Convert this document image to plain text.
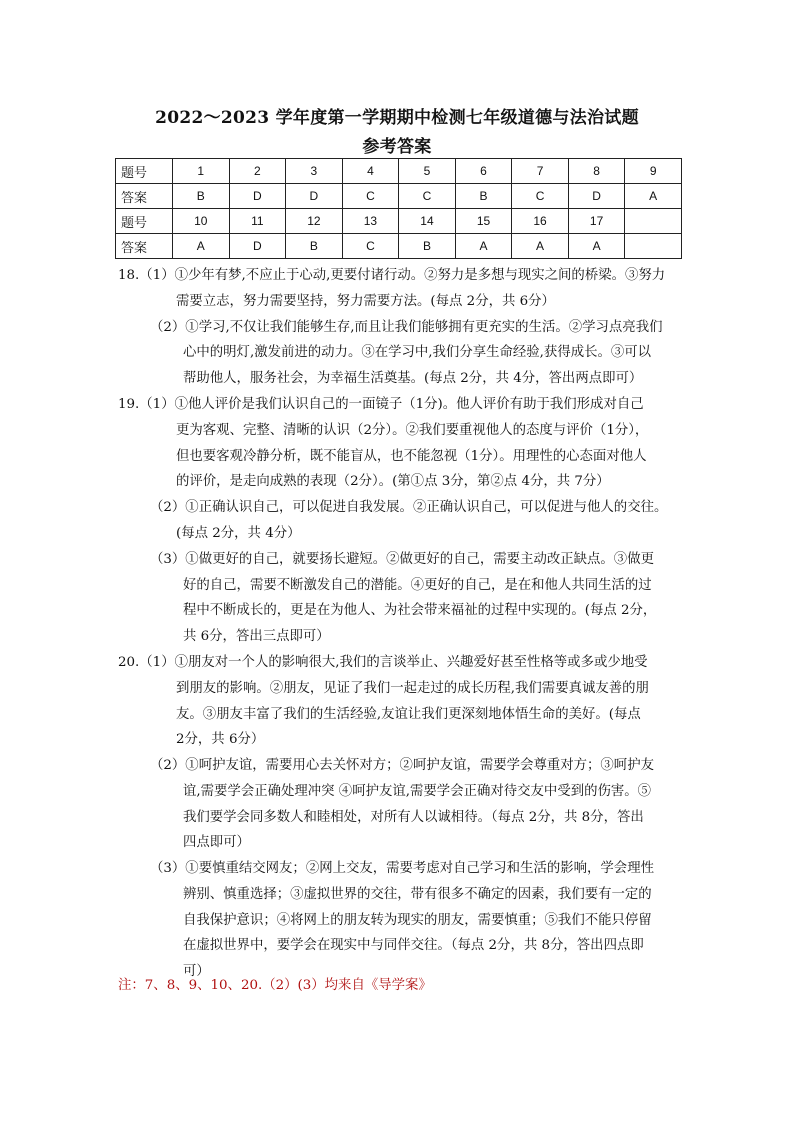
2022～2023 学年度第一学期期中检测七年级道德与法治试题
参考答案
题号	1	2	3	4	5	6	7	8	9
答案	B	D	D	C	C	B	C	D	A
题号	10	11	12	13	14	15	16	17	
答案	A	D	B	C	B	A	A	A	
18.（1）①少年有梦,不应止于心动,更要付诸行动。②努力是多想与现实之间的桥梁。③努力
需要立志，努力需要坚持，努力需要方法。(每点 2分，共 6分）
（2）①学习,不仅让我们能够生存,而且让我们能够拥有更充实的生活。②学习点亮我们
心中的明灯,激发前进的动力。③在学习中,我们分享生命经验,获得成长。③可以
帮助他人，服务社会，为幸福生活奠基。(每点 2分，共 4分，答出两点即可）
19.（1）①他人评价是我们认识自己的一面镜子（1分)。他人评价有助于我们形成对自己
更为客观、完整、清晰的认识（2分）。②我们要重视他人的态度与评价（1分），
但也要客观冷静分析，既不能盲从，也不能忽视（1分）。用理性的心态面对他人
的评价，是走向成熟的表现（2分）。(第①点 3分，第②点 4分，共 7分）
（2）①正确认识自己，可以促进自我发展。②正确认识自己，可以促进与他人的交往。
(每点 2分，共 4分）
（3）①做更好的自己，就要扬长避短。②做更好的自己，需要主动改正缺点。③做更
好的自己，需要不断激发自己的潜能。④更好的自己，是在和他人共同生活的过
程中不断成长的，更是在为他人、为社会带来福祉的过程中实现的。(每点 2分，
共 6分，答出三点即可）
20.（1）①朋友对一个人的影响很大,我们的言谈举止、兴趣爱好甚至性格等或多或少地受
到朋友的影响。②朋友，见证了我们一起走过的成长历程,我们需要真诚友善的朋
友。③朋友丰富了我们的生活经验,友谊让我们更深刻地体悟生命的美好。(每点
2分，共 6分）
（2）①呵护友谊，需要用心去关怀对方；②呵护友谊，需要学会尊重对方；③呵护友
谊,需要学会正确处理冲突 ④呵护友谊,需要学会正确对待交友中受到的伤害。⑤
我们要学会同多数人和睦相处，对所有人以诚相待。（每点 2分，共 8分，答出
四点即可）
（3）①要慎重结交网友；②网上交友，需要考虑对自己学习和生活的影响，学会理性
辨别、慎重选择；③虚拟世界的交往，带有很多不确定的因素，我们要有一定的
自我保护意识；④将网上的朋友转为现实的朋友，需要慎重；⑤我们不能只停留
在虚拟世界中，要学会在现实中与同伴交往。（每点 2分，共 8分，答出四点即
可）
注：7、8、9、10、20.（2）(3）均来自《导学案》
